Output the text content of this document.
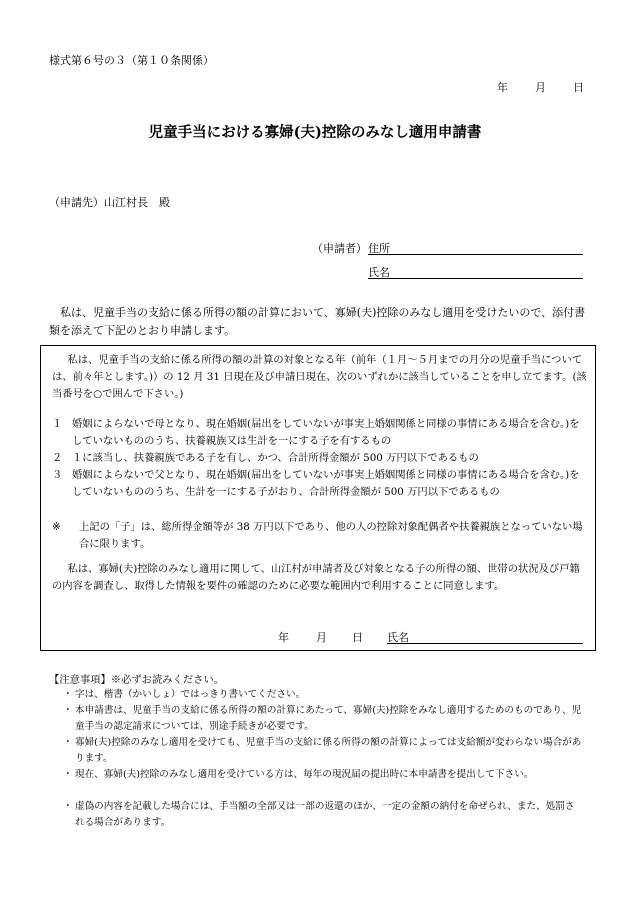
様式第６号の３（第１０条関係）
年 月 日
児童手当における寡婦(夫)控除のみなし適用申請書
（申請先）山江村長　殿
（申請者） 住所
氏名
　私は、児童手当の支給に係る所得の額の計算において、寡婦(夫)控除のみなし適用を受けたいので、添付書類を添えて下記のとおり申請します。
私は、児童手当の支給に係る所得の額の計算の対象となる年（前年（１月～５月までの月分の児童手当については、前々年とします。)）の 12 月 31 日現在及び申請日現在、次のいずれかに該当していることを申し立てます。(該当番号を○で囲んで下さい。)
１ 婚姻によらないで母となり、現在婚姻(届出をしていないが事実上婚姻関係と同様の事情にある場合を含む。)をしていないもののうち、扶養親族又は生計を一にする子を有するもの
２ １に該当し、扶養親族である子を有し、かつ、合計所得金額が 500 万円以下であるもの
３ 婚姻によらないで父となり、現在婚姻(届出をしていないが事実上婚姻関係と同様の事情にある場合を含む。)をしていないもののうち、生計を一にする子がおり、合計所得金額が 500 万円以下であるもの
※ 上記の「子」は、総所得金額等が 38 万円以下であり、他の人の控除対象配偶者や扶養親族となっていない場合に限ります。
私は、寡婦(夫)控除のみなし適用に関して、山江村が申請者及び対象となる子の所得の額、世帯の状況及び戸籍の内容を調査し、取得した情報を要件の確認のために必要な範囲内で利用することに同意します。
年 月 日 氏名
【注意事項】※必ずお読みください。
・ 字は、楷書（かいしょ）ではっきり書いてください。
・ 本申請書は、児童手当の支給に係る所得の額の計算にあたって、寡婦(夫)控除をみなし適用するためのものであり、児童手当の認定請求については、別途手続きが必要です。
・ 寡婦(夫)控除のみなし適用を受けても、児童手当の支給に係る所得の額の計算によっては支給額が変わらない場合があります。
・ 現在、寡婦(夫)控除のみなし適用を受けている方は、毎年の現況届の提出時に本申請書を提出して下さい。
・ 虚偽の内容を記載した場合には、手当額の全部又は一部の返還のほか、一定の金額の納付を命ぜられ、また、処罰される場合があります。
